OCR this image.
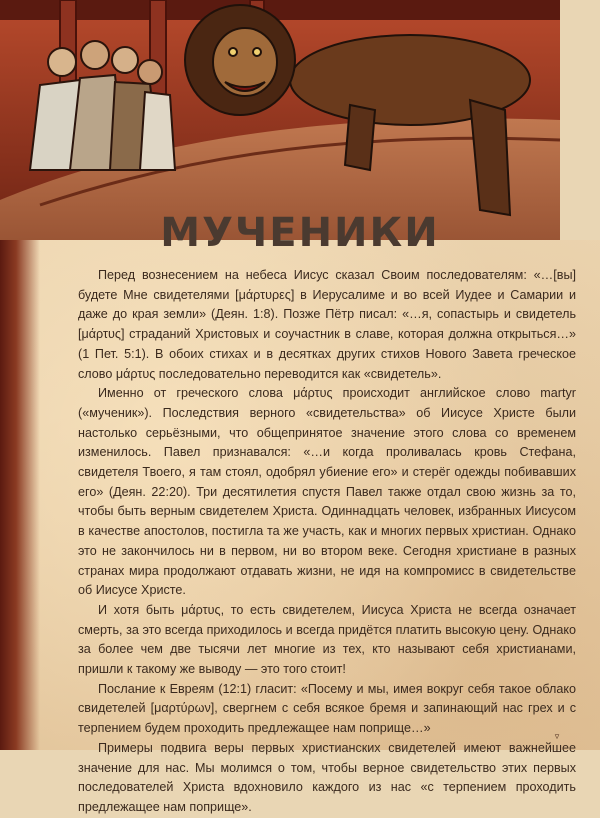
МУЧЕНИКИ

Перед вознесением на небеса Иисус сказал Своим последователям: «…[вы] будете Мне свидетелями [μάρτυρες] в Иерусалиме и во всей Иудее и Самарии и даже до края земли» (Деян. 1:8). Позже Пётр писал: «…я, сопастырь и свидетель [μάρτυς] страданий Христовых и соучастник в славе, которая должна открыться…» (1 Пет. 5:1). В обоих стихах и в десятках других стихов Нового Завета греческое слово μάρτυς последовательно переводится как «свидетель».

Именно от греческого слова μάρτυς происходит английское слово martyr («мученик»). Последствия верного «свидетельства» об Иисусе Христе были настолько серьёзными, что общепринятое значение этого слова со временем изменилось. Павел признавался: «…и когда проливалась кровь Стефана, свидетеля Твоего, я там стоял, одобрял убиение его» и стерёг одежды побивавших его» (Деян. 22:20). Три десятилетия спустя Павел также отдал свою жизнь за то, чтобы быть верным свидетелем Христа. Одиннадцать человек, избранных Иисусом в качестве апостолов, постигла та же участь, как и многих первых христиан. Однако это не закончилось ни в первом, ни во втором веке. Сегодня христиане в разных странах мира продолжают отдавать жизни, не идя на компромисс в свидетельстве об Иисусе Христе.

И хотя быть μάρτυς, то есть свидетелем, Иисуса Христа не всегда означает смерть, за это всегда приходилось и всегда придётся платить высокую цену. Однако за более чем две тысячи лет многие из тех, кто называют себя христианами, пришли к такому же выводу — это того стоит!

Послание к Евреям (12:1) гласит: «Посему и мы, имея вокруг себя такое облако свидетелей [μαρτύρων], свергнем с себя всякое бремя и запинающий нас грех и с терпением будем проходить предлежащее нам поприще…»

Примеры подвига веры первых христианских свидетелей имеют важнейшее значение для нас. Мы молимся о том, чтобы верное свидетельство этих первых последователей Христа вдохновило каждого из нас «с терпением проходить предлежащее нам поприще».

▿
